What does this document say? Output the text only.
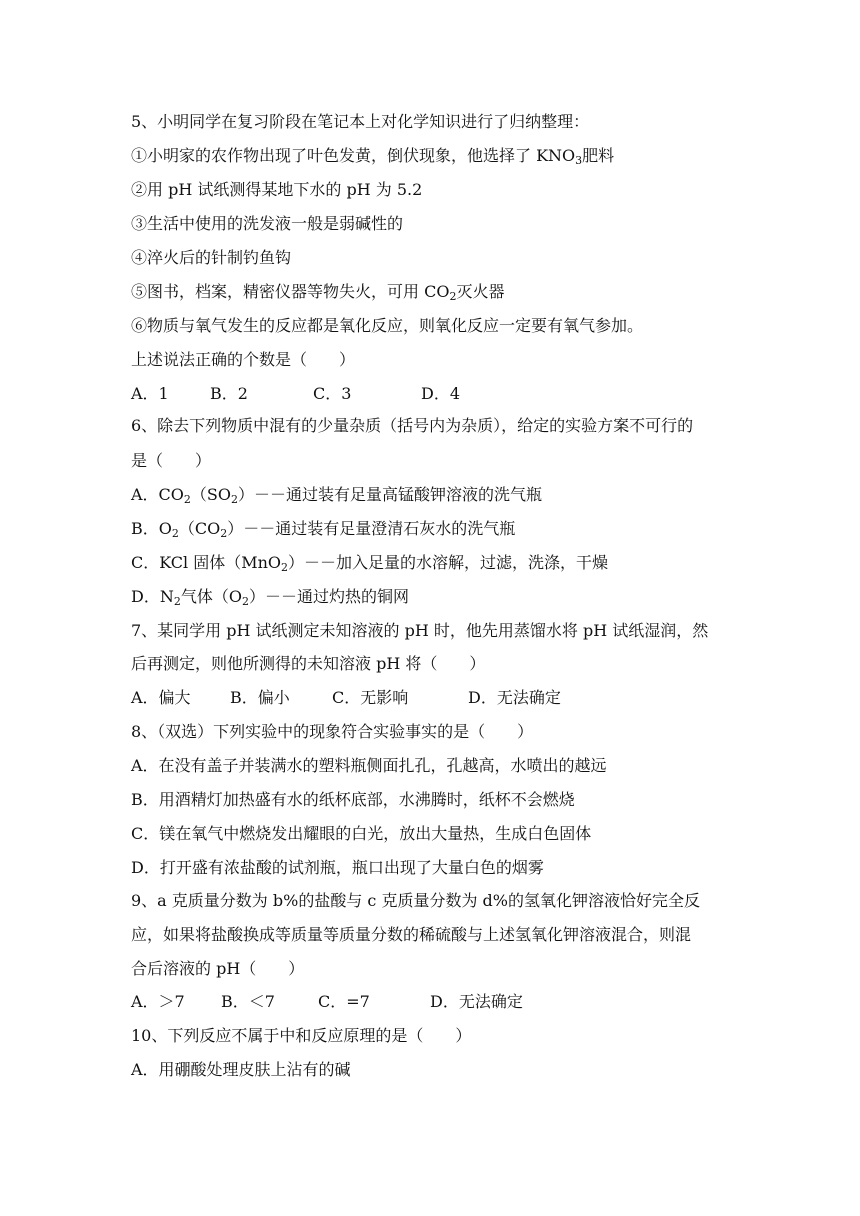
5、小明同学在复习阶段在笔记本上对化学知识进行了归纳整理：
①小明家的农作物出现了叶色发黄，倒伏现象，他选择了 $KNO_3$肥料
②用 pH 试纸测得某地下水的 pH 为 5.2
③生活中使用的洗发液一般是弱碱性的
④淬火后的针制钓鱼钩
⑤图书，档案，精密仪器等物失火，可用 $CO_2$灭火器
⑥物质与氧气发生的反应都是氧化反应，则氧化反应一定要有氧气参加。
上述说法正确的个数是（　　）
A．1	B．2	C．3	D．4
6、除去下列物质中混有的少量杂质（括号内为杂质），给定的实验方案不可行的
是（　　）
A．$CO_2(SO_2)--$通过装有足量高锰酸钾溶液的洗气瓶
B．$O_2(CO_2)--$通过装有足量澄清石灰水的洗气瓶
C．KCl 固体（MnO$_2$）－－加入足量的水溶解，过滤，洗涤，干燥
D．$N_2$气体$(O_2)--$通过灼热的铜网
7、某同学用 pH 试纸测定未知溶液的 pH 时，他先用蒸馏水将 pH 试纸湿润，然
后再测定，则他所测得的未知溶液 pH 将（　　）
A．偏大 B．偏小	C．无影响	D．无法确定
8、（双选）下列实验中的现象符合实验事实的是（　　）
A．在没有盖子并装满水的塑料瓶侧面扎孔，孔越高，水喷出的越远
B．用酒精灯加热盛有水的纸杯底部，水沸腾时，纸杯不会燃烧
C．镁在氧气中燃烧发出耀眼的白光，放出大量热，生成白色固体
D．打开盛有浓盐酸的试剂瓶，瓶口出现了大量白色的烟雾
9、a 克质量分数为 b%的盐酸与 c 克质量分数为 d%的氢氧化钾溶液恰好完全反
应，如果将盐酸换成等质量等质量分数的稀硫酸与上述氢氧化钾溶液混合，则混
合后溶液的 pH（　　）
A．＞7 B．＜7	C．=7	D．无法确定
10、下列反应不属于中和反应原理的是（　　）
A．用硼酸处理皮肤上沾有的碱
